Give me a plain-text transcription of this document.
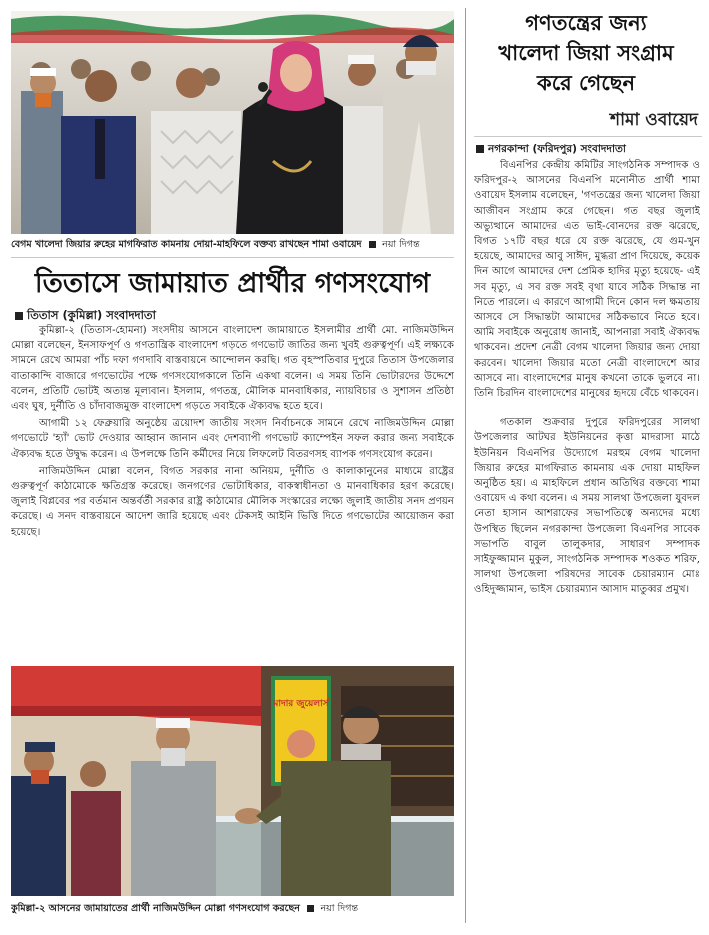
বেগম খালেদা জিয়ার রুহের মাগফিরাত কামনায় দোয়া-মাহফিলে বক্তব্য রাখছেন শামা ওবায়েদ নয়া দিগন্ত
তিতাসে জামায়াত প্রার্থীর গণসংযোগ
তিতাস (কুমিল্লা) সংবাদদাতা

কুমিল্লা-২ (তিতাস-হোমনা) সংসদীয় আসনে বাংলাদেশ জামায়াতে ইসলামীর প্রার্থী মো. নাজিমউদ্দিন মোল্লা বলেছেন, ইনসাফপূর্ণ ও গণতান্ত্রিক বাংলাদেশ গড়তে গণভোট জাতির জন্য খুবই গুরুত্বপূর্ণ। এই লক্ষ্যকে সামনে রেখে আমরা পাঁচ দফা গণদাবি বাস্তবায়নে আন্দোলন করছি। গত বৃহস্পতিবার দুপুরে তিতাস উপজেলার বাতাকান্দি বাজারে গণভোটের পক্ষে গণসংযোগকালে তিনি একথা বলেন। এ সময় তিনি ভোটারদের উদ্দেশে বলেন, প্রতিটি ভোটই অত্যন্ত মূল্যবান। ইসলাম, গণতন্ত্র, মৌলিক মানবাধিকার, ন্যায়বিচার ও সুশাসন প্রতিষ্ঠা এবং ঘুষ, দুর্নীতি ও চাঁদাবাজমুক্ত বাংলাদেশ গড়তে সবাইকে ঐক্যবদ্ধ হতে হবে।

আগামী ১২ ফেব্রুয়ারি অনুষ্ঠেয় ত্রয়োদশ জাতীয় সংসদ নির্বাচনকে সামনে রেখে নাজিমউদ্দিন মোল্লা গণভোটে 'হ্যাঁ' ভোট দেওয়ার আহ্বান জানান এবং দেশব্যাপী গণভোট ক্যাম্পেইন সফল করার জন্য সবাইকে ঐক্যবদ্ধ হতে উদ্বুদ্ধ করেন। এ উপলক্ষে তিনি কর্মীদের নিয়ে লিফলেট বিতরণসহ ব্যাপক গণসংযোগ করেন।

নাজিমউদ্দিন মোল্লা বলেন, বিগত সরকার নানা অনিয়ম, দুর্নীতি ও কালাকানুনের মাধ্যমে রাষ্ট্রের গুরুত্বপূর্ণ কাঠামোকে ক্ষতিগ্রস্ত করেছে। জনগণের ভোটাধিকার, বাকস্বাধীনতা ও মানবাধিকার হরণ করেছে। জুলাই বিপ্লবের পর বর্তমান অন্তর্বর্তী সরকার রাষ্ট্র কাঠামোর মৌলিক সংস্কারের লক্ষ্যে জুলাই জাতীয় সনদ প্রণয়ন করেছে। এ সনদ বাস্তবায়নে আদেশ জারি হয়েছে এবং টেকসই আইনি ভিত্তি দিতে গণভোটের আয়োজন করা হয়েছে।

মাদার জুয়েলার্স
কুমিল্লা-২ আসনের জামায়াতের প্রার্থী নাজিমউদ্দিন মোল্লা গণসংযোগ করছেন নয়া দিগন্ত
গণতন্ত্রের জন্য
খালেদা জিয়া সংগ্রাম
করে গেছেন
শামা ওবায়েদ
নগরকান্দা (ফরিদপুর) সংবাদদাতা

বিএনপির কেন্দ্রীয় কমিটির সাংগঠনিক সম্পাদক ও ফরিদপুর-২ আসনের বিএনপি মনোনীত প্রার্থী শামা ওবায়েদ ইসলাম বলেছেন, 'গণতন্ত্রের জন্য খালেদা জিয়া আজীবন সংগ্রাম করে গেছেন। গত বছর জুলাই অভ্যুত্থানে আমাদের এত ভাই-বোনদের রক্ত ঝরেছে, বিগত ১৭টি বছর ধরে যে রক্ত ঝরেছে, যে গুম-খুন হয়েছে, আমাদের আবু সাঈদ, মুগ্ধরা প্রাণ দিয়েছে, কয়েক দিন আগে আমাদের দেশ প্রেমিক হাদির মৃত্যু হয়েছে- এই সব মৃত্যু, এ সব রক্ত সবই বৃথা যাবে সঠিক সিদ্ধান্ত না নিতে পারলে। এ কারণে আগামী দিনে কোন দল ক্ষমতায় আসবে সে সিদ্ধান্তটা আমাদের সঠিকভাবে নিতে হবে। আমি সবাইকে অনুরোধ জানাই, আপনারা সবাই ঐক্যবদ্ধ থাকবেন। প্রদেশ নেত্রী বেগম খালেদা জিয়ার জন্য দোয়া করবেন। খালেদা জিয়ার মতো নেত্রী বাংলাদেশে আর আসবে না। বাংলাদেশের মানুষ কখনো তাকে ভুলবে না। তিনি চিরদিন বাংলাদেশের মানুষের হৃদয়ে বেঁচে থাকবেন।

গতকাল শুক্রবার দুপুরে ফরিদপুরের সালথা উপজেলার আটঘর ইউনিয়নের কৃত্তা মাদরাসা মাঠে ইউনিয়ন বিএনপির উদ্যোগে মরহুম বেগম খালেদা জিয়ার রুহের মাগফিরাত কামনায় এক দোয়া মাহফিল অনুষ্ঠিত হয়। এ মাহফিলে প্রধান অতিথির বক্তব্যে শামা ওবায়েদ এ কথা বলেন। এ সময় সালথা উপজেলা যুবদল নেতা হাসান আশরাফের সভাপতিত্বে অন্যদের মধ্যে উপস্থিত ছিলেন নগরকান্দা উপজেলা বিএনপির সাবেক সভাপতি বাবুল তালুকদার, সাধারণ সম্পাদক সাইফুজ্জামান মুকুল, সাংগঠনিক সম্পাদক শওকত শরিফ, সালথা উপজেলা পরিষদের সাবেক চেয়ারম্যান মোঃ ওহিদুজ্জামান, ভাইস চেয়ারম্যান আসাদ মাতুব্বর প্রমুখ।
